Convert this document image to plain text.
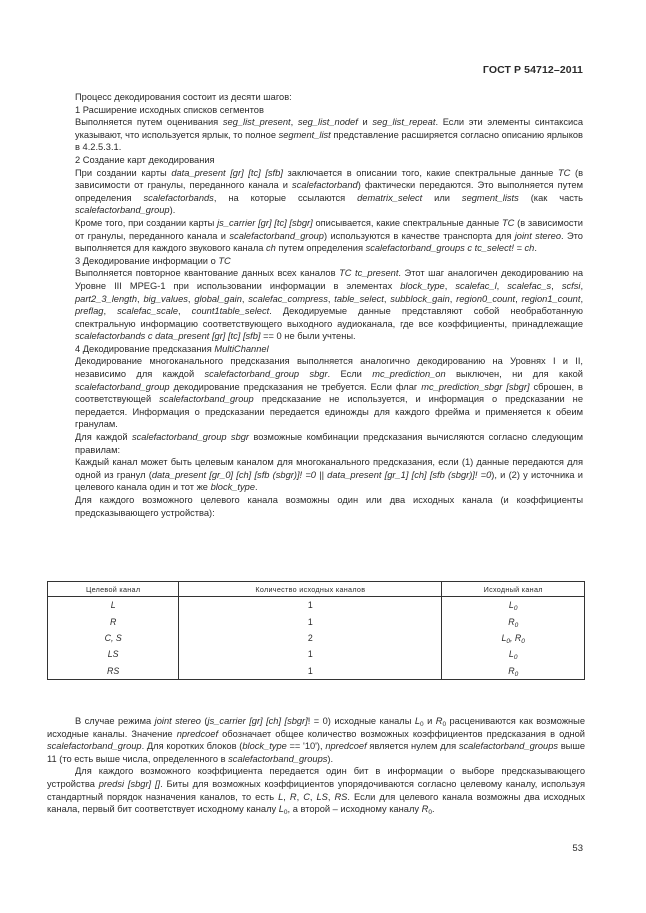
ГОСТ Р 54712–2011

Процесс декодирования состоит из десяти шагов:

1 Расширение исходных списков сегментов

Выполняется путем оценивания seg_list_present, seg_list_nodef и seg_list_repeat. Если эти элементы синтаксиса указывают, что используется ярлык, то полное segment_list представление расширяется согласно описанию ярлыков в 4.2.5.3.1.

2 Создание карт декодирования

При создании карты data_present [gr] [tc] [sfb] заключается в описании того, какие спектральные данные TC (в зависимости от гранулы, переданного канала и scalefactorband) фактически передаются. Это выполняется путем определения scalefactorbands, на которые ссылаются dematrix_select или segment_lists (как часть scalefactorband_group).

Кроме того, при создании карты js_carrier [gr] [tc] [sbgr] описывается, какие спектральные данные TC (в зависимости от гранулы, переданного канала и scalefactorband_group) используются в качестве транспорта для joint stereo. Это выполняется для каждого звукового канала ch путем определения scalefactorband_groups с tc_select! = ch.

3 Декодирование информации о TC

Выполняется повторное квантование данных всех каналов TC tc_present. Этот шаг аналогичен декодированию на Уровне III MPEG-1 при использовании информации в элементах block_type, scalefac_l, scalefac_s, scfsi, part2_3_length, big_values, global_gain, scalefac_compress, table_select, subblock_gain, region0_count, region1_count, preflag, scalefac_scale, count1table_select. Декодируемые данные представляют собой необработанную спектральную информацию соответствующего выходного аудиоканала, где все коэффициенты, принадлежащие scalefactorbands с data_present [gr] [tc] [sfb] == 0 не были учтены.

4 Декодирование предсказания MultiChannel

Декодирование многоканального предсказания выполняется аналогично декодированию на Уровнях I и II, независимо для каждой scalefactorband_group sbgr. Если mc_prediction_on выключен, ни для какой scalefactorband_group декодирование предсказания не требуется. Если флаг mc_prediction_sbgr [sbgr] сброшен, в соответствующей scalefactorband_group предсказание не используется, и информация о предсказании не передается. Информация о предсказании передается единожды для каждого фрейма и применяется к обеим гранулам.

Для каждой scalefactorband_group sbgr возможные комбинации предсказания вычисляются согласно следующим правилам:

Каждый канал может быть целевым каналом для многоканального предсказания, если (1) данные передаются для одной из гранул (data_present [gr_0] [ch] [sfb (sbgr)]! =0 || data_present [gr_1] [ch] [sfb (sbgr)]! =0), и (2) у источника и целевого канала один и тот же block_type.

Для каждого возможного целевого канала возможны один или два исходных канала (и коэффициенты предсказывающего устройства):

Целевой канал	Количество исходных каналов	Исходный канал
L	1	$L_0$
R	1	$R_0$
C, S	2	$L_0$, $R_0$
LS	1	$L_0$
RS	1	$R_0$

В случае режима joint stereo (js_carrier [gr] [ch] [sbgr]! = 0) исходные каналы $L_0$ и $R_0$ расцениваются как возможные исходные каналы. Значение npredcoef обозначает общее количество возможных коэффициентов предсказания в одной scalefactorband_group. Для коротких блоков (block_type == '10'), npredcoef является нулем для scalefactorband_groups выше 11 (то есть выше числа, определенного в scalefactorband_groups).

Для каждого возможного коэффициента передается один бит в информации о выборе предсказывающего устройства predsi [sbgr] []. Биты для возможных коэффициентов упорядочиваются согласно целевому каналу, используя стандартный порядок назначения каналов, то есть L, R, C, LS, RS. Если для целевого канала возможны два исходных канала, первый бит соответствует исходному каналу $L_0$, а второй – исходному каналу $R_0$.

53
